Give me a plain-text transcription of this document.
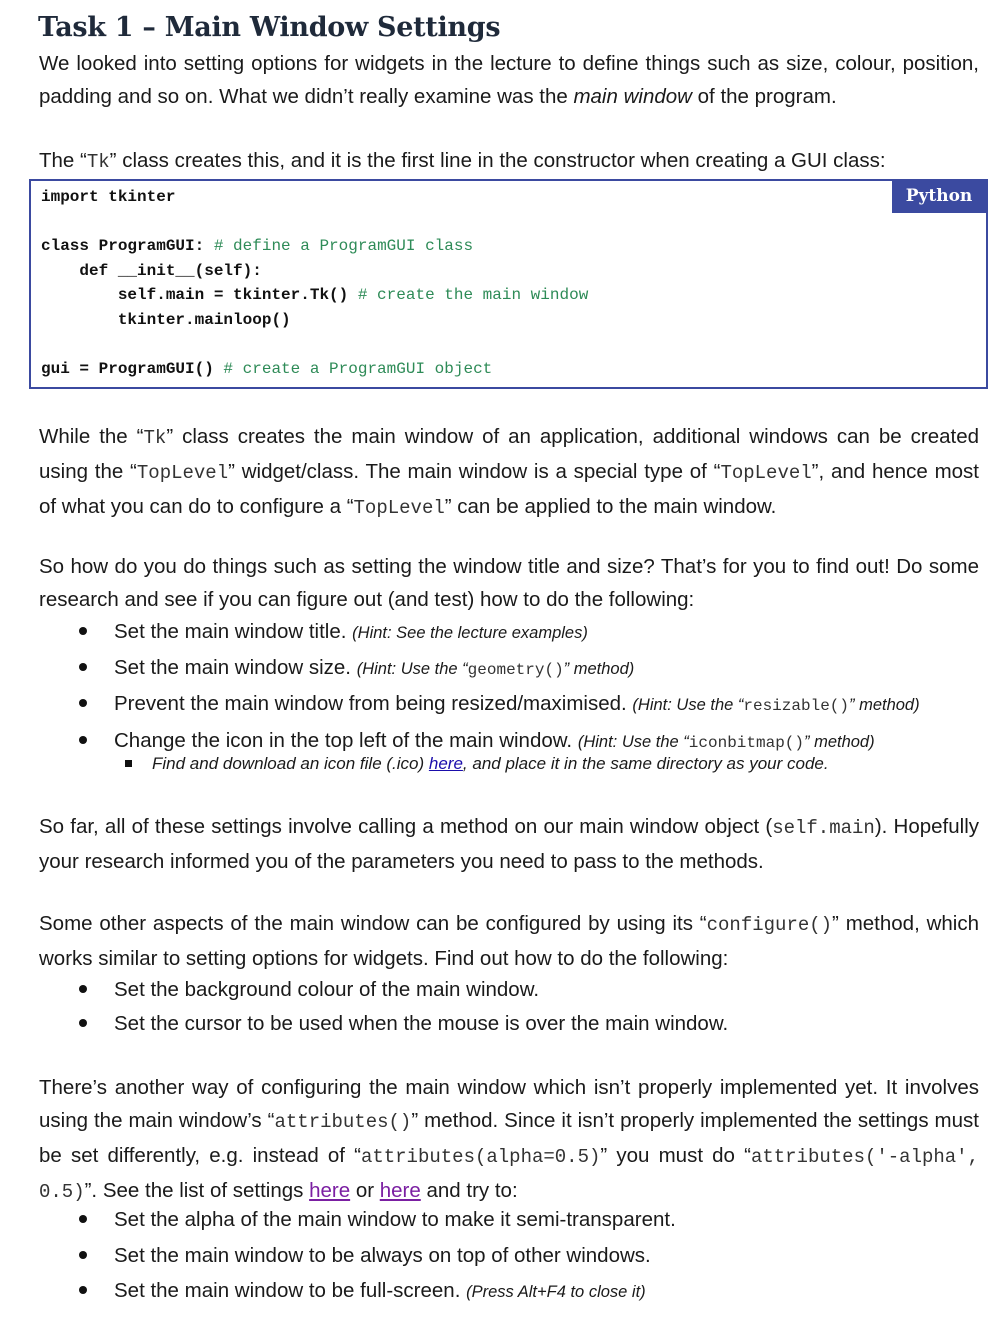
Task 1 – Main Window Settings

We looked into setting options for widgets in the lecture to define things such as size, colour, position, padding and so on. What we didn’t really examine was the main window of the program.

The “Tk” class creates this, and it is the first line in the constructor when creating a GUI class:

Python
import tkinter

class ProgramGUI: # define a ProgramGUI class
def __init__(self):
self.main = tkinter.Tk() # create the main window
tkinter.mainloop()

gui = ProgramGUI() # create a ProgramGUI object

While the “Tk” class creates the main window of an application, additional windows can be created using the “TopLevel” widget/class. The main window is a special type of “TopLevel”, and hence most of what you can do to configure a “TopLevel” can be applied to the main window.

So how do you do things such as setting the window title and size? That’s for you to find out! Do some research and see if you can figure out (and test) how to do the following:

Set the main window title. (Hint: See the lecture examples)
Set the main window size. (Hint: Use the “geometry()” method)
Prevent the main window from being resized/maximised. (Hint: Use the “resizable()” method)
Change the icon in the top left of the main window. (Hint: Use the “iconbitmap()” method)
Find and download an icon file (.ico) here, and place it in the same directory as your code.

So far, all of these settings involve calling a method on our main window object (self.main). Hopefully your research informed you of the parameters you need to pass to the methods.

Some other aspects of the main window can be configured by using its “configure()” method, which works similar to setting options for widgets. Find out how to do the following:

Set the background colour of the main window.
Set the cursor to be used when the mouse is over the main window.

There’s another way of configuring the main window which isn’t properly implemented yet. It involves using the main window’s “attributes()” method. Since it isn’t properly implemented the settings must be set differently, e.g. instead of “attributes(alpha=0.5)” you must do “attributes('-alpha', 0.5)”. See the list of settings here or here and try to:

Set the alpha of the main window to make it semi-transparent.
Set the main window to be always on top of other windows.
Set the main window to be full-screen. (Press Alt+F4 to close it)
